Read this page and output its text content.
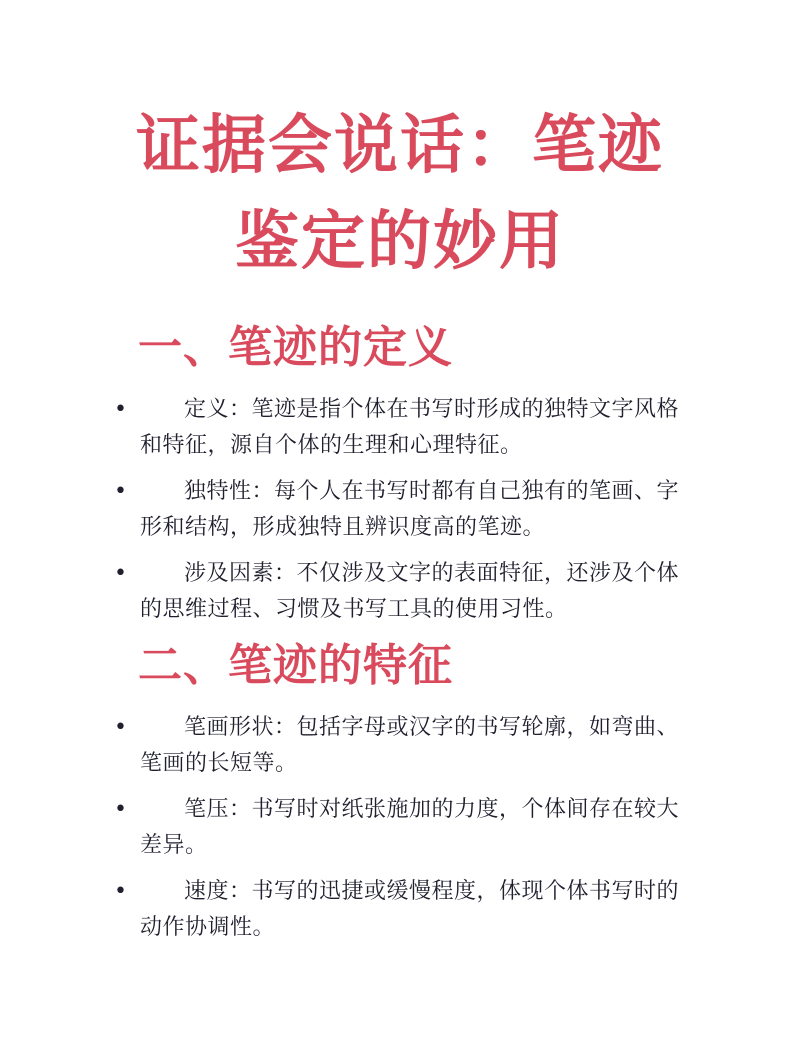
证据会说话：笔迹
鉴定的妙用
一、笔迹的定义
•	定义：笔迹是指个体在书写时形成的独特文字风格和特征，源自个体的生理和心理特征。
•	独特性：每个人在书写时都有自己独有的笔画、字形和结构，形成独特且辨识度高的笔迹。
•	涉及因素：不仅涉及文字的表面特征，还涉及个体的思维过程、习惯及书写工具的使用习性。
二、笔迹的特征
•	笔画形状：包括字母或汉字的书写轮廓，如弯曲、笔画的长短等。
•	笔压：书写时对纸张施加的力度，个体间存在较大差异。
•	速度：书写的迅捷或缓慢程度，体现个体书写时的动作协调性。
